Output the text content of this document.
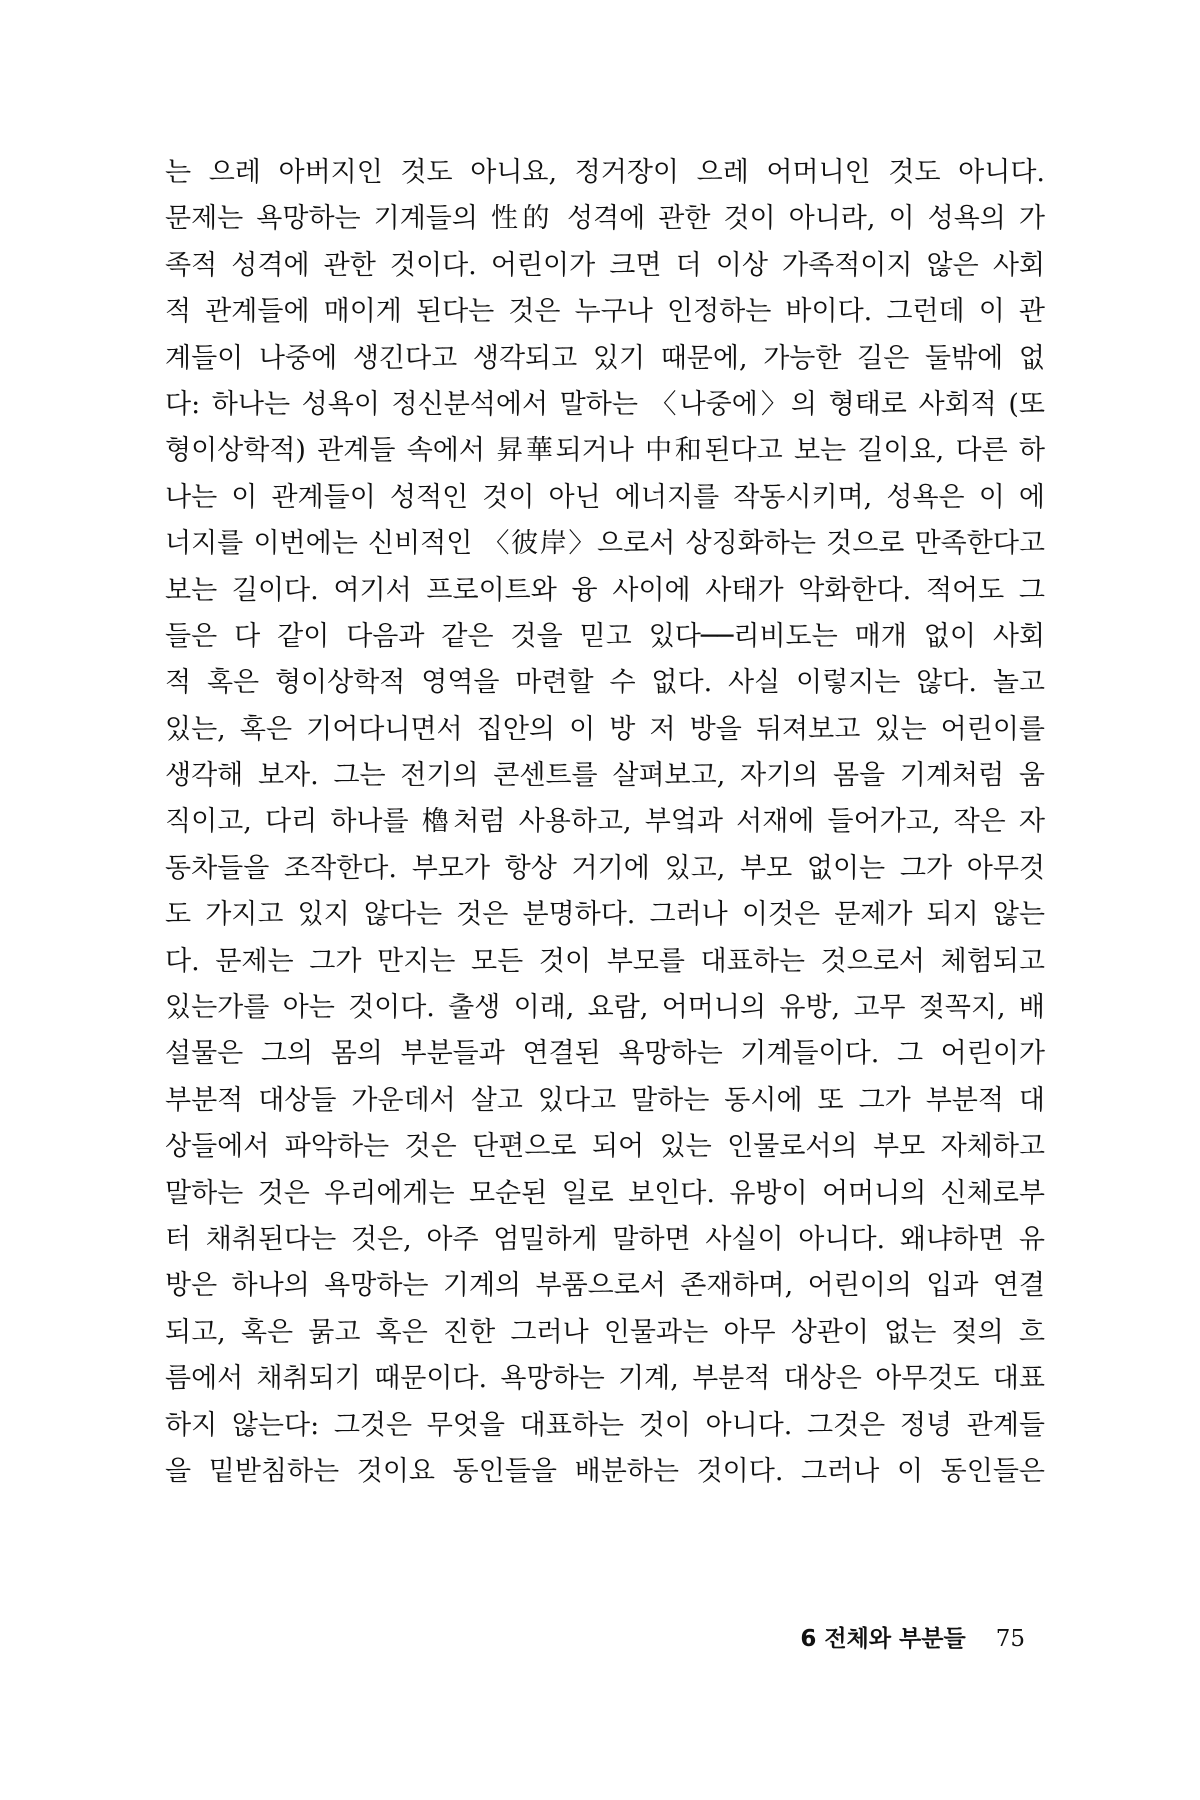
는 으레 아버지인 것도 아니요, 정거장이 으레 어머니인 것도 아니다.
문제는 욕망하는 기계들의 性的 성격에 관한 것이 아니라, 이 성욕의 가
족적 성격에 관한 것이다. 어린이가 크면 더 이상 가족적이지 않은 사회
적 관계들에 매이게 된다는 것은 누구나 인정하는 바이다. 그런데 이 관
계들이 나중에 생긴다고 생각되고 있기 때문에, 가능한 길은 둘밖에 없
다: 하나는 성욕이 정신분석에서 말하는 〈나중에〉의 형태로 사회적 (또
형이상학적) 관계들 속에서 昇華되거나 中和된다고 보는 길이요, 다른 하
나는 이 관계들이 성적인 것이 아닌 에너지를 작동시키며, 성욕은 이 에
너지를 이번에는 신비적인 〈彼岸〉으로서 상징화하는 것으로 만족한다고
보는 길이다. 여기서 프로이트와 융 사이에 사태가 악화한다. 적어도 그
들은 다 같이 다음과 같은 것을 믿고 있다──리비도는 매개 없이 사회
적 혹은 형이상학적 영역을 마련할 수 없다. 사실 이렇지는 않다. 놀고
있는, 혹은 기어다니면서 집안의 이 방 저 방을 뒤져보고 있는 어린이를
생각해 보자. 그는 전기의 콘센트를 살펴보고, 자기의 몸을 기계처럼 움
직이고, 다리 하나를 櫓처럼 사용하고, 부엌과 서재에 들어가고, 작은 자
동차들을 조작한다. 부모가 항상 거기에 있고, 부모 없이는 그가 아무것
도 가지고 있지 않다는 것은 분명하다. 그러나 이것은 문제가 되지 않는
다. 문제는 그가 만지는 모든 것이 부모를 대표하는 것으로서 체험되고
있는가를 아는 것이다. 출생 이래, 요람, 어머니의 유방, 고무 젖꼭지, 배
설물은 그의 몸의 부분들과 연결된 욕망하는 기계들이다. 그 어린이가
부분적 대상들 가운데서 살고 있다고 말하는 동시에 또 그가 부분적 대
상들에서 파악하는 것은 단편으로 되어 있는 인물로서의 부모 자체하고
말하는 것은 우리에게는 모순된 일로 보인다. 유방이 어머니의 신체로부
터 채취된다는 것은, 아주 엄밀하게 말하면 사실이 아니다. 왜냐하면 유
방은 하나의 욕망하는 기계의 부품으로서 존재하며, 어린이의 입과 연결
되고, 혹은 묽고 혹은 진한 그러나 인물과는 아무 상관이 없는 젖의 흐
름에서 채취되기 때문이다. 욕망하는 기계, 부분적 대상은 아무것도 대표
하지 않는다: 그것은 무엇을 대표하는 것이 아니다. 그것은 정녕 관계들
을 밑받침하는 것이요 동인들을 배분하는 것이다. 그러나 이 동인들은
6 전체와 부분들 75
